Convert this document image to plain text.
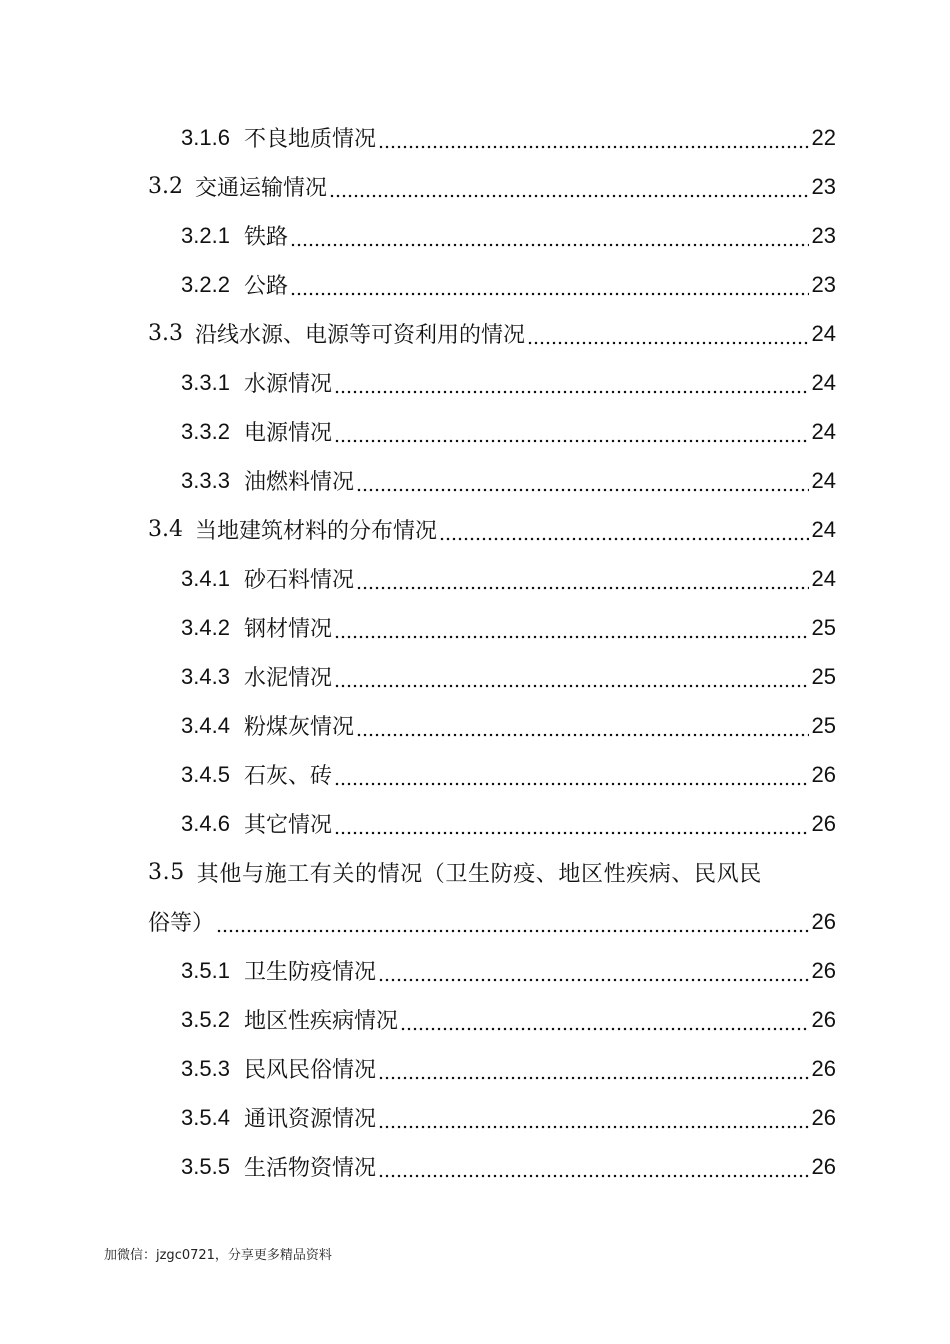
3.1.6 不良地质情况	22
3.2 交通运输情况	23
3.2.1 铁路	23
3.2.2 公路	23
3.3 沿线水源、电源等可资利用的情况	24
3.3.1 水源情况	24
3.3.2 电源情况	24
3.3.3 油燃料情况	24
3.4 当地建筑材料的分布情况	24
3.4.1 砂石料情况	24
3.4.2 钢材情况	25
3.4.3 水泥情况	25
3.4.4 粉煤灰情况	25
3.4.5 石灰、砖	26
3.4.6 其它情况	26
3.5 其他与施工有关的情况（卫生防疫、地区性疾病、民风民
俗等）	26
3.5.1 卫生防疫情况	26
3.5.2 地区性疾病情况	26
3.5.3 民风民俗情况	26
3.5.4 通讯资源情况	26
3.5.5 生活物资情况	26
加微信：jzgc0721，分享更多精品资料
